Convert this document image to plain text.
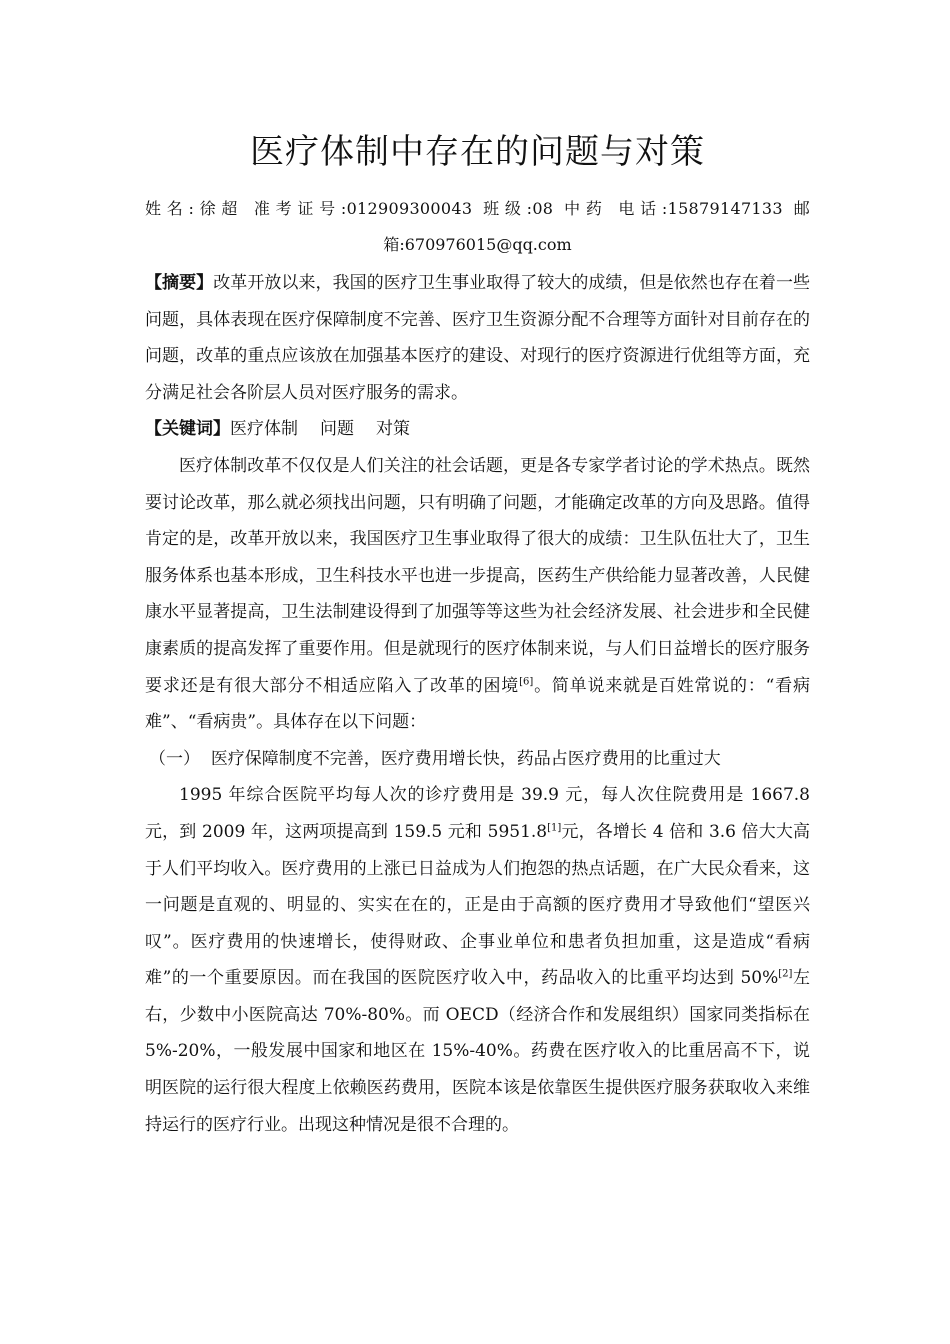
医疗体制中存在的问题与对策
姓名:徐超 准考证号:012909300043 班级:08 中药 电话:15879147133 邮
箱:670976015@qq.com

【摘要】改革开放以来，我国的医疗卫生事业取得了较大的成绩，但是依然也存在着一些问题，具体表现在医疗保障制度不完善、医疗卫生资源分配不合理等方面针对目前存在的问题，改革的重点应该放在加强基本医疗的建设、对现行的医疗资源进行优组等方面，充分满足社会各阶层人员对医疗服务的需求。

【关键词】医疗体制 问题 对策

医疗体制改革不仅仅是人们关注的社会话题，更是各专家学者讨论的学术热点。既然要讨论改革，那么就必须找出问题，只有明确了问题，才能确定改革的方向及思路。值得肯定的是，改革开放以来，我国医疗卫生事业取得了很大的成绩：卫生队伍壮大了，卫生服务体系也基本形成，卫生科技水平也进一步提高，医药生产供给能力显著改善，人民健康水平显著提高，卫生法制建设得到了加强等等这些为社会经济发展、社会进步和全民健康素质的提高发挥了重要作用。但是就现行的医疗体制来说，与人们日益增长的医疗服务要求还是有很大部分不相适应陷入了改革的困境[6]。简单说来就是百姓常说的：“看病难”、“看病贵”。具体存在以下问题：

（一） 医疗保障制度不完善，医疗费用增长快，药品占医疗费用的比重过大

1995 年综合医院平均每人次的诊疗费用是 39.9 元，每人次住院费用是 1667.8 元，到 2009 年，这两项提高到 159.5 元和 5951.8[1]元，各增长 4 倍和 3.6 倍大大高于人们平均收入。医疗费用的上涨已日益成为人们抱怨的热点话题，在广大民众看来，这一问题是直观的、明显的、实实在在的，正是由于高额的医疗费用才导致他们“望医兴叹”。医疗费用的快速增长，使得财政、企事业单位和患者负担加重，这是造成“看病难”的一个重要原因。而在我国的医院医疗收入中，药品收入的比重平均达到 50%[2]左右，少数中小医院高达 70%-80%。而 OECD（经济合作和发展组织）国家同类指标在 5%-20%，一般发展中国家和地区在 15%-40%。药费在医疗收入的比重居高不下，说明医院的运行很大程度上依赖医药费用，医院本该是依靠医生提供医疗服务获取收入来维持运行的医疗行业。出现这种情况是很不合理的。
